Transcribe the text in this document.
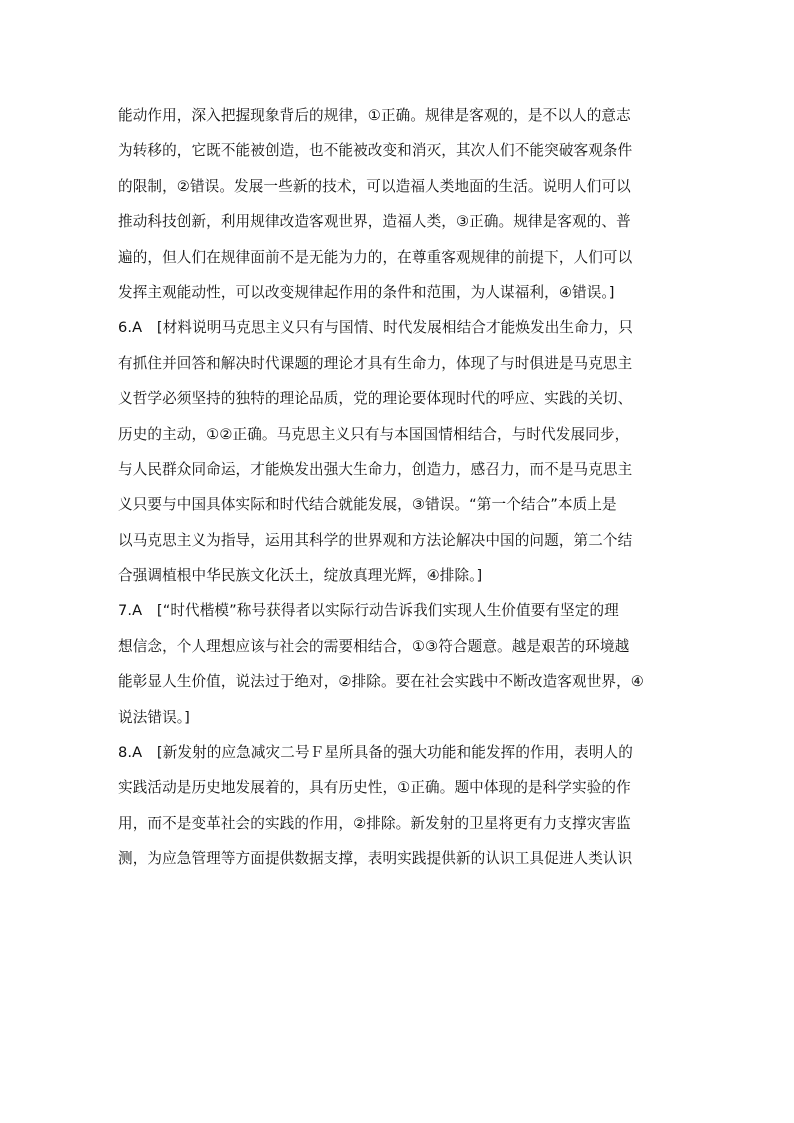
能动作用，深入把握现象背后的规律，①正确。规律是客观的，是不以人的意志
为转移的，它既不能被创造，也不能被改变和消灭，其次人们不能突破客观条件
的限制，②错误。发展一些新的技术，可以造福人类地面的生活。说明人们可以
推动科技创新，利用规律改造客观世界，造福人类，③正确。规律是客观的、普
遍的，但人们在规律面前不是无能为力的，在尊重客观规律的前提下，人们可以
发挥主观能动性，可以改变规律起作用的条件和范围，为人谋福利，④错误。]
6.A　[材料说明马克思主义只有与国情、时代发展相结合才能焕发出生命力，只
有抓住并回答和解决时代课题的理论才具有生命力，体现了与时俱进是马克思主
义哲学必须坚持的独特的理论品质，党的理论要体现时代的呼应、实践的关切、
历史的主动，①②正确。马克思主义只有与本国国情相结合，与时代发展同步，
与人民群众同命运，才能焕发出强大生命力，创造力，感召力，而不是马克思主
义只要与中国具体实际和时代结合就能发展，③错误。“第一个结合”本质上是
以马克思主义为指导，运用其科学的世界观和方法论解决中国的问题，第二个结
合强调植根中华民族文化沃土，绽放真理光辉，④排除。]
7.A　[“时代楷模”称号获得者以实际行动告诉我们实现人生价值要有坚定的理
想信念，个人理想应该与社会的需要相结合，①③符合题意。越是艰苦的环境越
能彰显人生价值，说法过于绝对，②排除。要在社会实践中不断改造客观世界，④
说法错误。]
8.A　[新发射的应急减灾二号Ｆ星所具备的强大功能和能发挥的作用，表明人的
实践活动是历史地发展着的，具有历史性，①正确。题中体现的是科学实验的作
用，而不是变革社会的实践的作用，②排除。新发射的卫星将更有力支撑灾害监
测，为应急管理等方面提供数据支撑，表明实践提供新的认识工具促进人类认识
